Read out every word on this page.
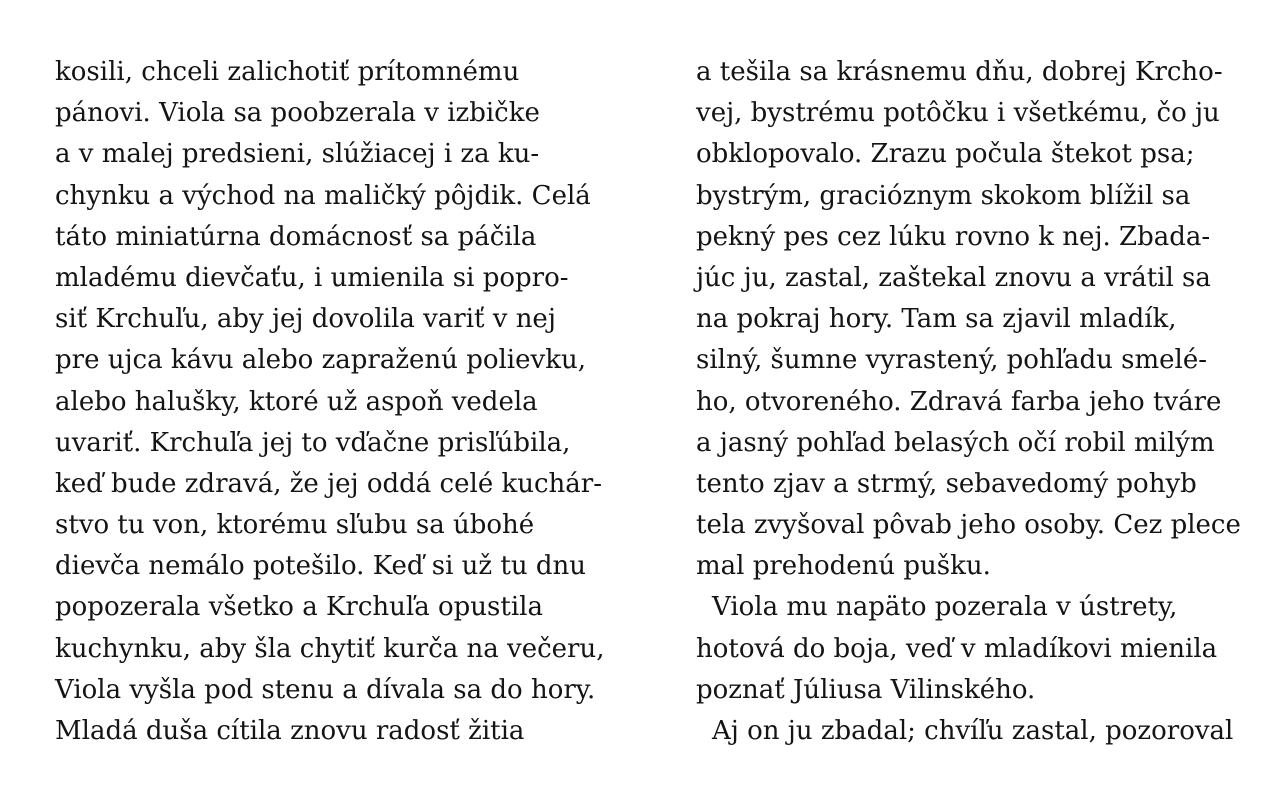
kosili, chceli zalichotiť prítomnému
pánovi. Viola sa poobzerala v izbičke
a v malej predsieni, slúžiacej i za ku-
chynku a východ na maličký pôjdik. Celá
táto miniatúrna domácnosť sa páčila
mladému dievčaťu, i umienila si popro-
siť Krchuľu, aby jej dovolila variť v nej
pre ujca kávu alebo zapraženú polievku,
alebo halušky, ktoré už aspoň vedela
uvariť. Krchuľa jej to vďačne prisľúbila,
keď bude zdravá, že jej oddá celé kuchár-
stvo tu von, ktorému sľubu sa úbohé
dievča nemálo potešilo. Keď si už tu dnu
popozerala všetko a Krchuľa opustila
kuchynku, aby šla chytiť kurča na večeru,
Viola vyšla pod stenu a dívala sa do hory.
Mladá duša cítila znovu radosť žitia
a tešila sa krásnemu dňu, dobrej Krcho-
vej, bystrému potôčku i všetkému, čo ju
obklopovalo. Zrazu počula štekot psa;
bystrým, gracióznym skokom blížil sa
pekný pes cez lúku rovno k nej. Zbada-
júc ju, zastal, zaštekal znovu a vrátil sa
na pokraj hory. Tam sa zjavil mladík,
silný, šumne vyrastený, pohľadu smelé-
ho, otvoreného. Zdravá farba jeho tváre
a jasný pohľad belasých očí robil milým
tento zjav a strmý, sebavedomý pohyb
tela zvyšoval pôvab jeho osoby. Cez plece
mal prehodenú pušku.
Viola mu napäto pozerala v ústrety,
hotová do boja, veď v mladíkovi mienila
poznať Júliusa Vilinského.
Aj on ju zbadal; chvíľu zastal, pozoroval
